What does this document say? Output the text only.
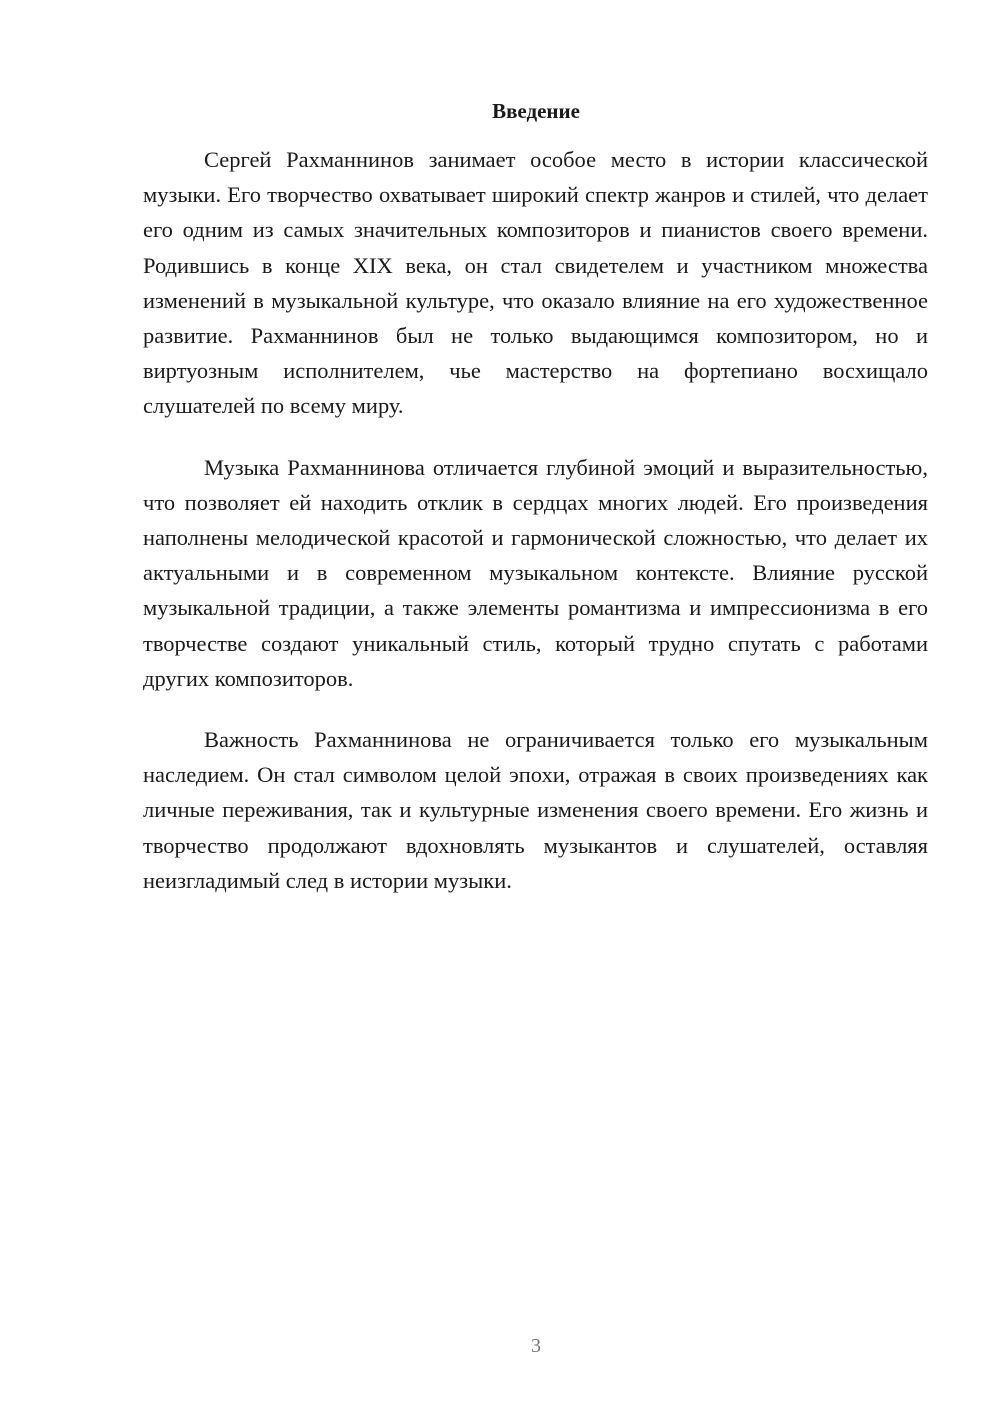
Введение

Сергей Рахманнинов занимает особое место в истории классической музыки. Его творчество охватывает широкий спектр жанров и стилей, что делает его одним из самых значительных композиторов и пианистов своего времени. Родившись в конце XIX века, он стал свидетелем и участником множества изменений в музыкальной культуре, что оказало влияние на его художественное развитие. Рахманнинов был не только выдающимся композитором, но и виртуозным исполнителем, чье мастерство на фортепиано восхищало слушателей по всему миру.

Музыка Рахманнинова отличается глубиной эмоций и выразительностью, что позволяет ей находить отклик в сердцах многих людей. Его произведения наполнены мелодической красотой и гармонической сложностью, что делает их актуальными и в современном музыкальном контексте. Влияние русской музыкальной традиции, а также элементы романтизма и импрессионизма в его творчестве создают уникальный стиль, который трудно спутать с работами других композиторов.

Важность Рахманнинова не ограничивается только его музыкальным наследием. Он стал символом целой эпохи, отражая в своих произведениях как личные переживания, так и культурные изменения своего времени. Его жизнь и творчество продолжают вдохновлять музыкантов и слушателей, оставляя неизгладимый след в истории музыки.

3
